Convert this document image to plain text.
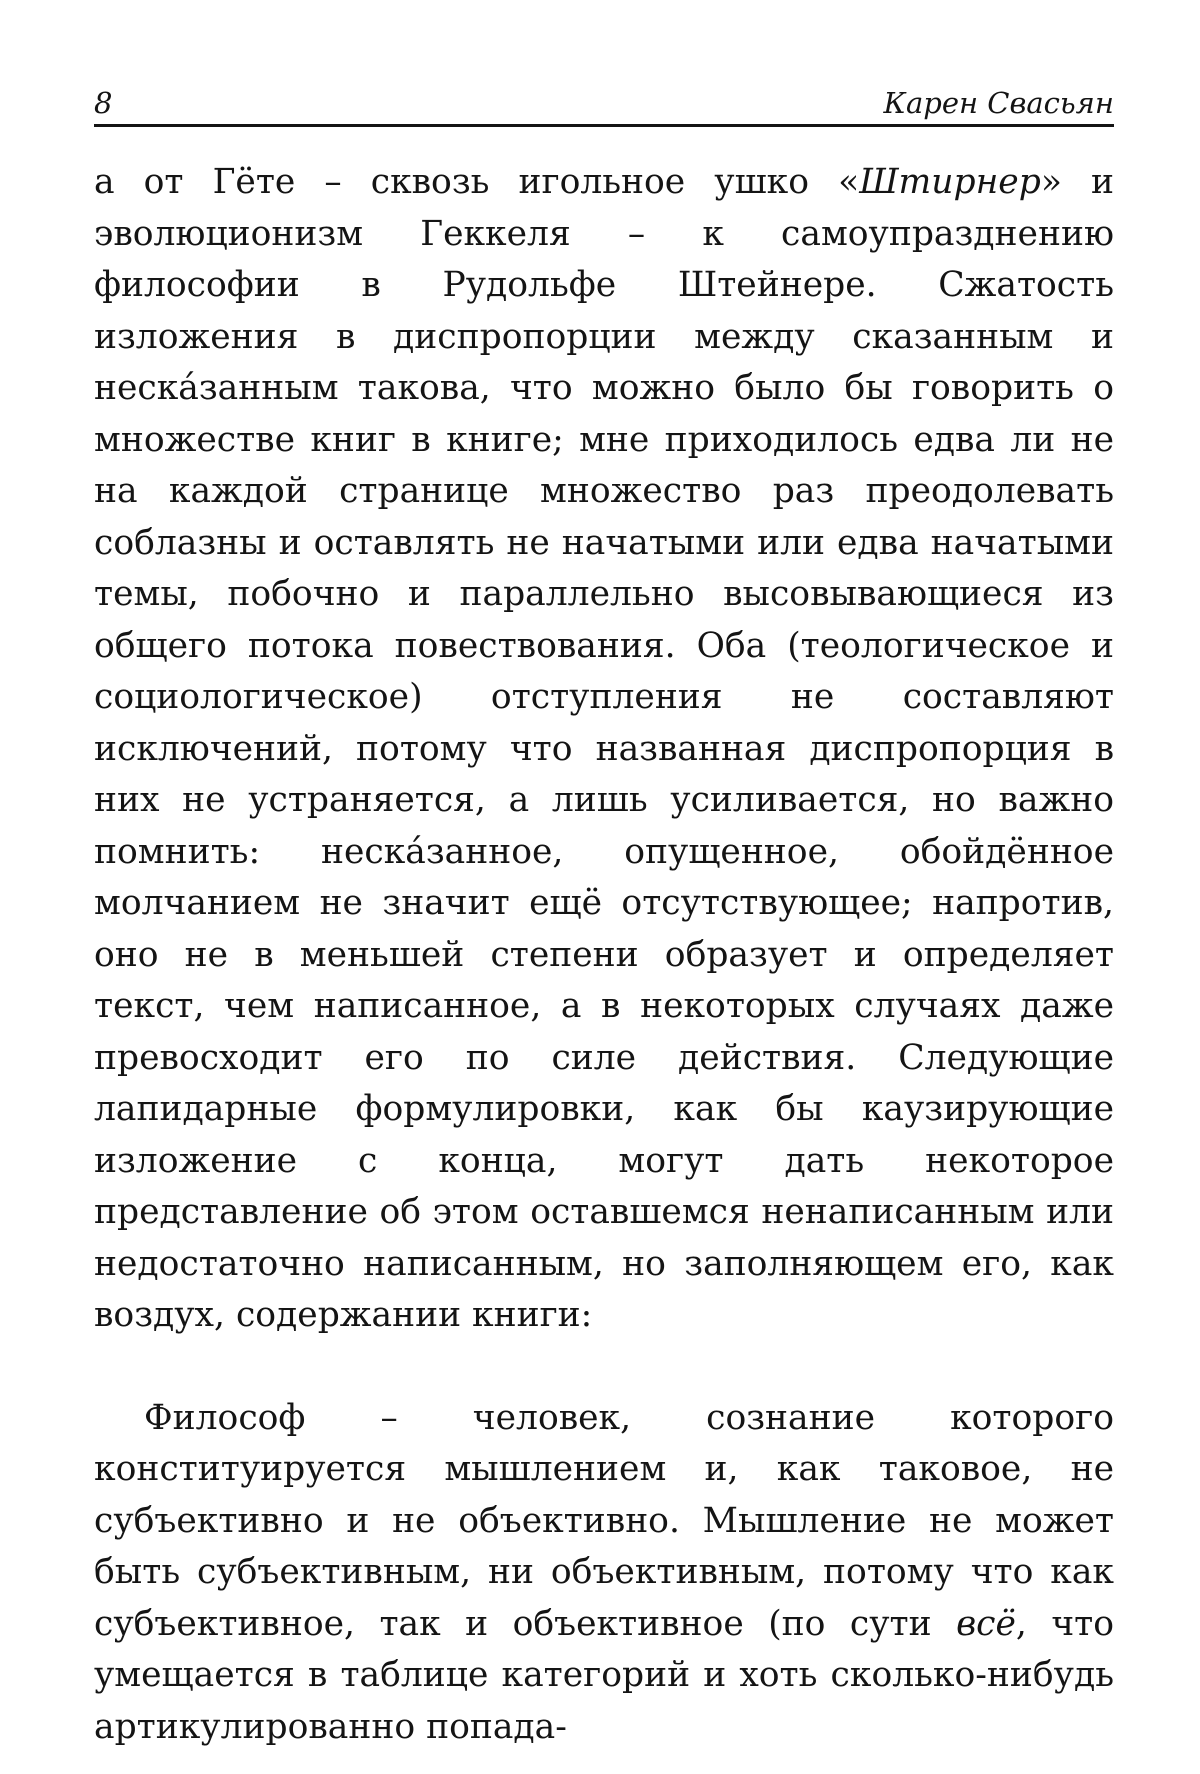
8	Карен Свасьян

а от Гёте – сквозь игольное ушко «Штирнер» и эволюционизм Геккеля – к самоупразднению философии в Рудольфе Штейнере. Сжатость изложения в диспропорции между сказанным и нескáзанным такова, что можно было бы говорить о множестве книг в книге; мне приходилось едва ли не на каждой странице множество раз преодолевать соблазны и оставлять не начатыми или едва начатыми темы, побочно и параллельно высовывающиеся из общего потока повествования. Оба (теологическое и социологическое) отступления не составляют исключений, потому что названная диспропорция в них не устраняется, а лишь усиливается, но важно помнить: нескáзанное, опущенное, обойдённое молчанием не значит ещё отсутствующее; напротив, оно не в меньшей степени образует и определяет текст, чем написанное, а в некоторых случаях даже превосходит его по силе действия. Следующие лапидарные формулировки, как бы каузирующие изложение с конца, могут дать некоторое представление об этом оставшемся ненаписанным или недостаточно написанным, но заполняющем его, как воздух, содержании книги:

Философ – человек, сознание которого конституируется мышлением и, как таковое, не субъективно и не объективно. Мышление не может быть субъективным, ни объективным, потому что как субъективное, так и объективное (по сути всё, что умещается в таблице категорий и хоть сколько-нибудь артикулированно попада-
